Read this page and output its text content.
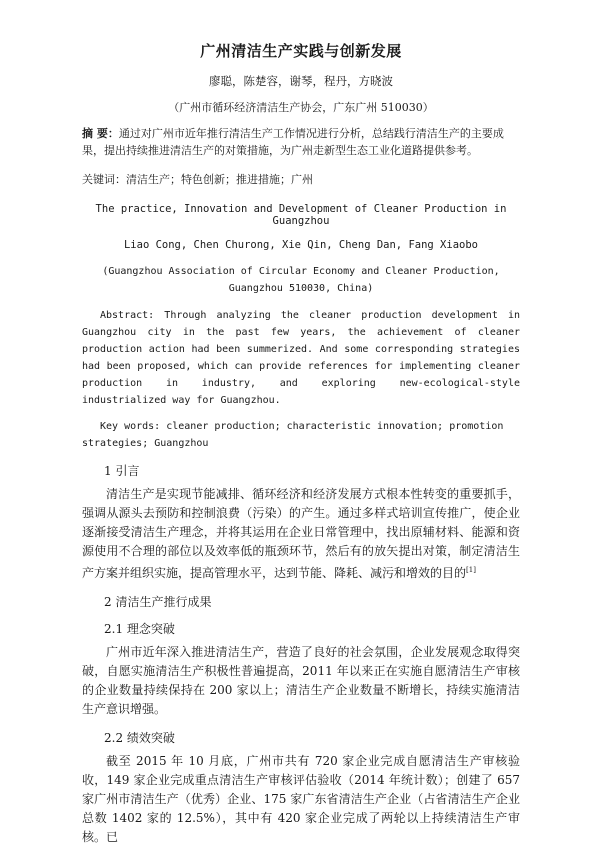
广州清洁生产实践与创新发展
廖聪，陈楚容，谢琴，程丹，方晓波
（广州市循环经济清洁生产协会，广东广州 510030）

摘 要：通过对广州市近年推行清洁生产工作情况进行分析，总结践行清洁生产的主要成果，提出持续推进清洁生产的对策措施，为广州走新型生态工业化道路提供参考。

关键词：清洁生产；特色创新；推进措施；广州
The practice, Innovation and Development of Cleaner Production in Guangzhou
Liao Cong, Chen Churong, Xie Qin, Cheng Dan, Fang Xiaobo
(Guangzhou Association of Circular Economy and Cleaner Production, Guangzhou 510030, China)

Abstract: Through analyzing the cleaner production development in Guangzhou city in the past few years, the achievement of cleaner production action had been summerized. And some corresponding strategies had been proposed, which can provide references for implementing cleaner production in industry, and exploring new-ecological-style industrialized way for Guangzhou.

Key words: cleaner production; characteristic innovation; promotion strategies; Guangzhou

1 引言

清洁生产是实现节能减排、循环经济和经济发展方式根本性转变的重要抓手，强调从源头去预防和控制浪费（污染）的产生。通过多样式培训宣传推广，使企业逐渐接受清洁生产理念，并将其运用在企业日常管理中，找出原辅材料、能源和资源使用不合理的部位以及效率低的瓶颈环节，然后有的放矢提出对策，制定清洁生产方案并组织实施，提高管理水平，达到节能、降耗、减污和增效的目的[1]

2 清洁生产推行成果
2.1 理念突破

广州市近年深入推进清洁生产，营造了良好的社会氛围，企业发展观念取得突破，自愿实施清洁生产积极性普遍提高，2011 年以来正在实施自愿清洁生产审核的企业数量持续保持在 200 家以上；清洁生产企业数量不断增长，持续实施清洁生产意识增强。

2.2 绩效突破

截至 2015 年 10 月底，广州市共有 720 家企业完成自愿清洁生产审核验收，149 家企业完成重点清洁生产审核评估验收（2014 年统计数）；创建了 657 家广州市清洁生产（优秀）企业、175 家广东省清洁生产企业（占省清洁生产企业总数 1402 家的 12.5%），其中有 420 家企业完成了两轮以上持续清洁生产审核。已
